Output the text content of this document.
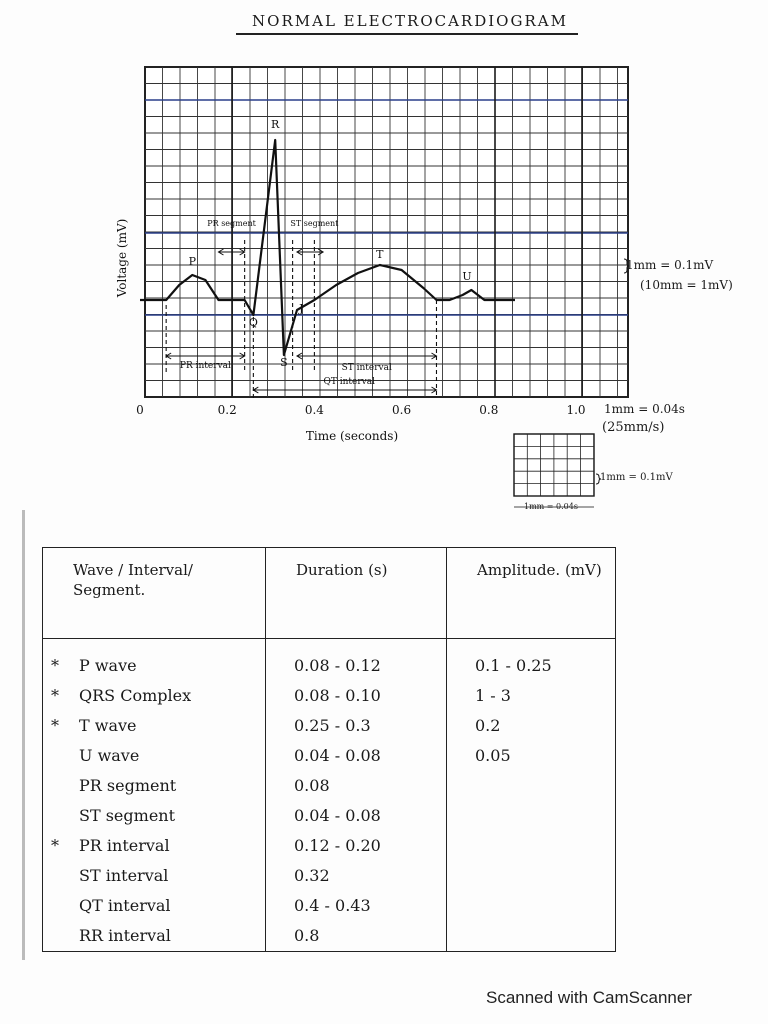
NORMAL ELECTROCARDIOGRAM
0	0.2	0.4	0.6	0.8	1.0
Time (seconds)
Voltage (mV)	P
R
T
U
Q
S
J
PR segment	ST segment
PR interval	ST interval
QT interval
1mm = 0.1mV
(10mm = 1mV)
1mm = 0.04s
(25mm/s)
1mm = 0.1mV
1mm = 0.04s
Wave / Interval/ Segment.	Duration (s)	Amplitude. (mV)
* P wave	0.08 - 0.12	0.1 - 0.25
* QRS Complex	0.08 - 0.10	1 - 3
* T wave	0.25 - 0.3	0.2
U wave	0.04 - 0.08	0.05
PR segment	0.08	
ST segment	0.04 - 0.08	
* PR interval	0.12 - 0.20	
ST interval	0.32	
QT interval	0.4 - 0.43	
RR interval	0.8	
Scanned with CamScanner
